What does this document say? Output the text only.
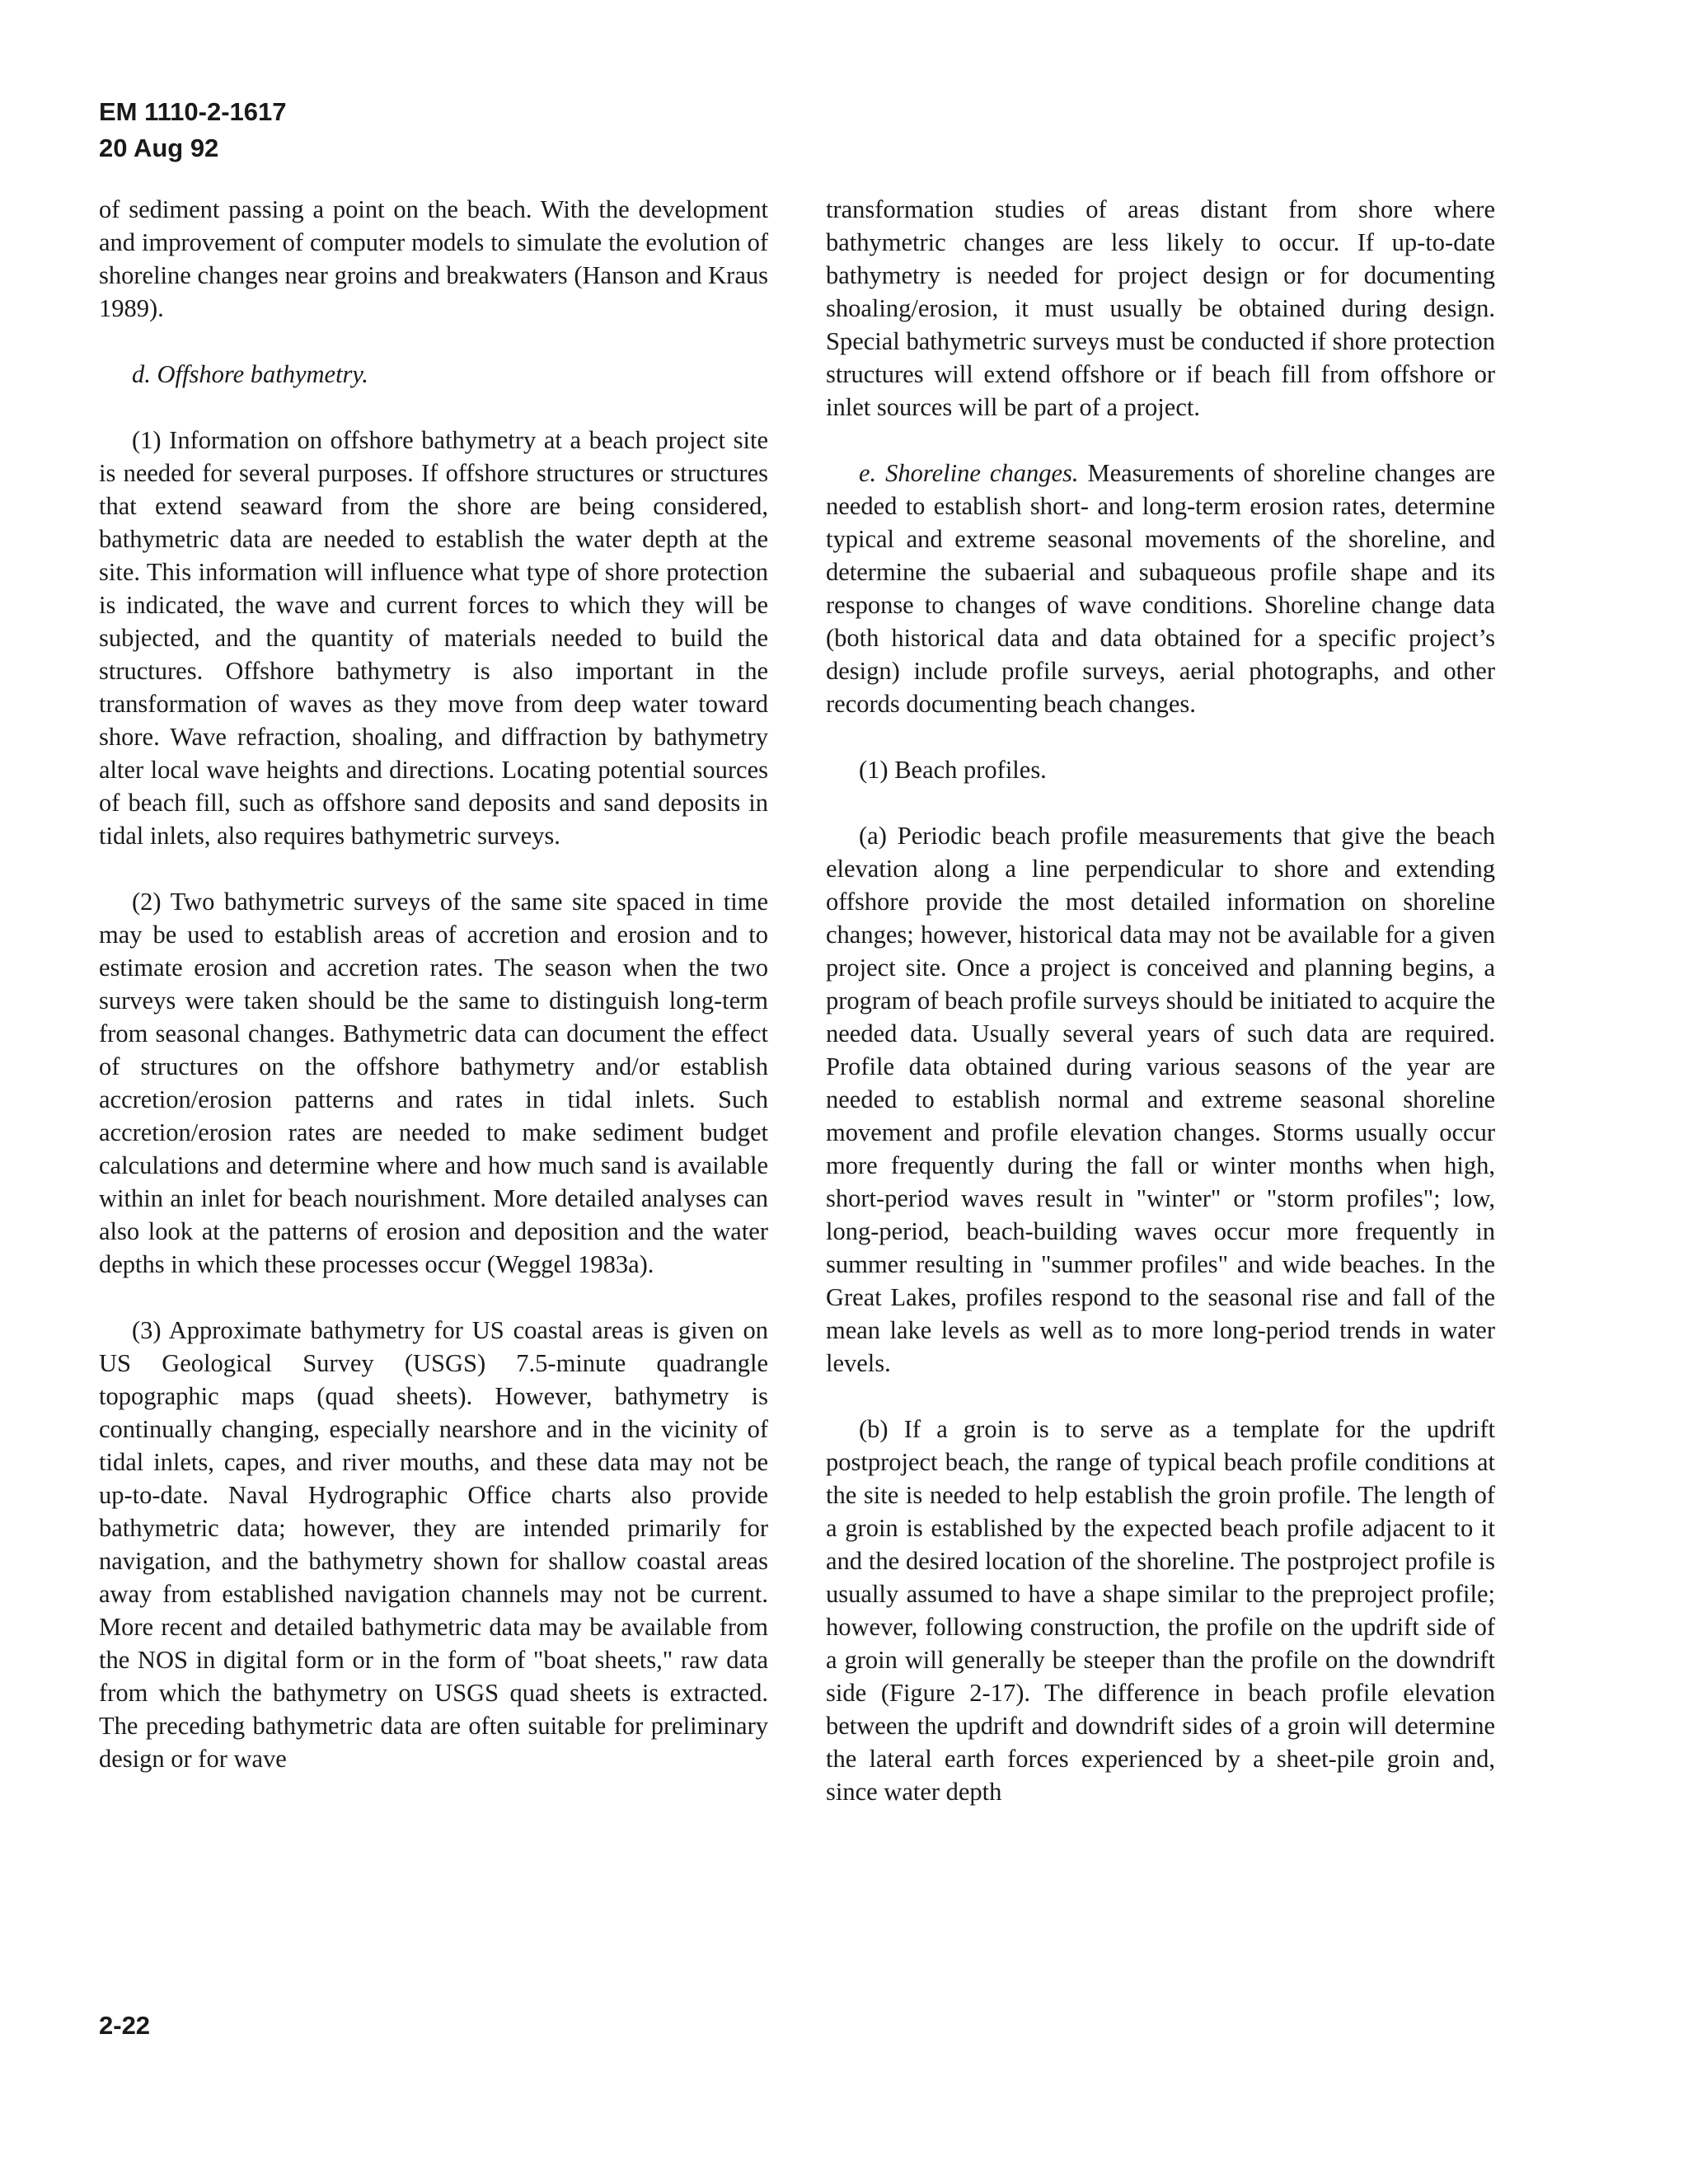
EM 1110-2-1617
20 Aug 92

of sediment passing a point on the beach. With the development and improvement of computer models to simulate the evolution of shoreline changes near groins and breakwaters (Hanson and Kraus 1989).

d. Offshore bathymetry.

(1) Information on offshore bathymetry at a beach project site is needed for several purposes. If offshore structures or structures that extend seaward from the shore are being considered, bathymetric data are needed to establish the water depth at the site. This information will influence what type of shore protection is indicated, the wave and current forces to which they will be subjected, and the quantity of materials needed to build the structures. Offshore bathymetry is also important in the transformation of waves as they move from deep water toward shore. Wave refraction, shoaling, and diffraction by bathymetry alter local wave heights and directions. Locating potential sources of beach fill, such as offshore sand deposits and sand deposits in tidal inlets, also requires bathymetric surveys.

(2) Two bathymetric surveys of the same site spaced in time may be used to establish areas of accretion and erosion and to estimate erosion and accretion rates. The season when the two surveys were taken should be the same to distinguish long-term from seasonal changes. Bathymetric data can document the effect of structures on the offshore bathymetry and/or establish accretion/erosion patterns and rates in tidal inlets. Such accretion/erosion rates are needed to make sediment budget calculations and determine where and how much sand is available within an inlet for beach nourishment. More detailed analyses can also look at the patterns of erosion and deposition and the water depths in which these processes occur (Weggel 1983a).

(3) Approximate bathymetry for US coastal areas is given on US Geological Survey (USGS) 7.5-minute quadrangle topographic maps (quad sheets). However, bathymetry is continually changing, especially nearshore and in the vicinity of tidal inlets, capes, and river mouths, and these data may not be up-to-date. Naval Hydrographic Office charts also provide bathymetric data; however, they are intended primarily for navigation, and the bathymetry shown for shallow coastal areas away from established navigation channels may not be current. More recent and detailed bathymetric data may be available from the NOS in digital form or in the form of "boat sheets," raw data from which the bathymetry on USGS quad sheets is extracted. The preceding bathymetric data are often suitable for preliminary design or for wave

transformation studies of areas distant from shore where bathymetric changes are less likely to occur. If up-to-date bathymetry is needed for project design or for documenting shoaling/erosion, it must usually be obtained during design. Special bathymetric surveys must be conducted if shore protection structures will extend offshore or if beach fill from offshore or inlet sources will be part of a project.

e. Shoreline changes. Measurements of shoreline changes are needed to establish short- and long-term erosion rates, determine typical and extreme seasonal movements of the shoreline, and determine the subaerial and subaqueous profile shape and its response to changes of wave conditions. Shoreline change data (both historical data and data obtained for a specific project’s design) include profile surveys, aerial photographs, and other records documenting beach changes.

(1) Beach profiles.

(a) Periodic beach profile measurements that give the beach elevation along a line perpendicular to shore and extending offshore provide the most detailed information on shoreline changes; however, historical data may not be available for a given project site. Once a project is conceived and planning begins, a program of beach profile surveys should be initiated to acquire the needed data. Usually several years of such data are required. Profile data obtained during various seasons of the year are needed to establish normal and extreme seasonal shoreline movement and profile elevation changes. Storms usually occur more frequently during the fall or winter months when high, short-period waves result in "winter" or "storm profiles"; low, long-period, beach-building waves occur more frequently in summer resulting in "summer profiles" and wide beaches. In the Great Lakes, profiles respond to the seasonal rise and fall of the mean lake levels as well as to more long-period trends in water levels.

(b) If a groin is to serve as a template for the updrift postproject beach, the range of typical beach profile conditions at the site is needed to help establish the groin profile. The length of a groin is established by the expected beach profile adjacent to it and the desired location of the shoreline. The postproject profile is usually assumed to have a shape similar to the preproject profile; however, following construction, the profile on the updrift side of a groin will generally be steeper than the profile on the downdrift side (Figure 2-17). The difference in beach profile elevation between the updrift and downdrift sides of a groin will determine the lateral earth forces experienced by a sheet-pile groin and, since water depth

2-22
